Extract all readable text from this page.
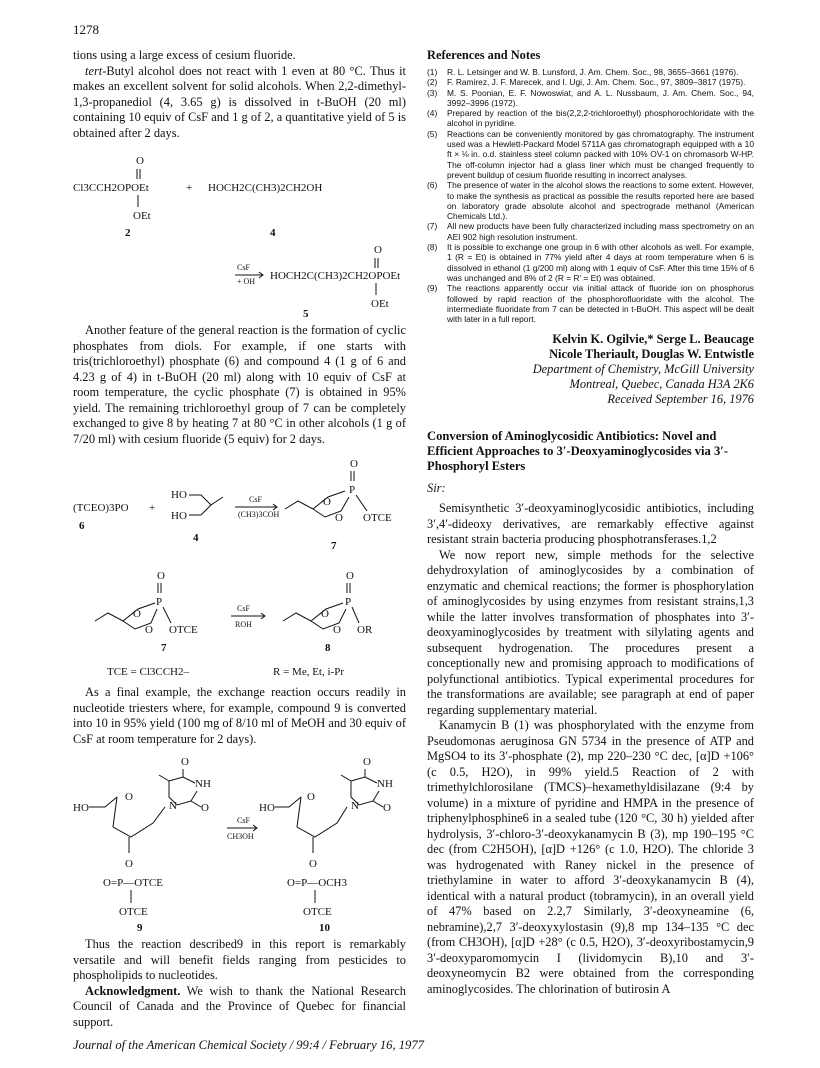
1278

tions using a large excess of cesium fluoride.

tert-Butyl alcohol does not react with 1 even at 80 °C. Thus it makes an excellent solvent for solid alcohols. When 2,2-dimethyl-1,3-propanediol (4, 3.65 g) is dissolved in t-BuOH (20 ml) containing 10 equiv of CsF and 1 g of 2, a quantitative yield of 5 is obtained after 2 days.

O
Cl3CCH2OPOEt	+ HOCH2C(CH3)2CH2OH
OEt
2	4
O
CsF
+ OH HOCH2C(CH3)2CH2OPOEt
OEt
5

Another feature of the general reaction is the formation of cyclic phosphates from diols. For example, if one starts with tris(trichloroethyl) phosphate (6) and compound 4 (1 g of 6 and 4.23 g of 4) in t-BuOH (20 ml) along with 10 equiv of CsF at room temperature, the cyclic phosphate (7) is obtained in 95% yield. The remaining trichloroethyl group of 7 can be completely exchanged to give 8 by heating 7 at 80 °C in other alcohols (1 g of 7/20 ml) with cesium fluoride (5 equiv) for 2 days.

O
P
HO
(TCEO)3PO +
HO
CsF
(CH3)3COH
O
O OTCE
6
4
7
O
P
O
O OTCE
CsF
ROH
O
P
O
O OR
7	8
TCE = Cl3CCH2–	R = Me, Et, i-Pr

As a final example, the exchange reaction occurs readily in nucleotide triesters where, for example, compound 9 is converted into 10 in 95% yield (100 mg of 8/10 ml of MeOH and 30 equiv of CsF at room temperature for 2 days).

O
NH
N O
HO
O
O
O=P—OTCE
OTCE
9
CsF
CH3OH
O
NH
N O
HO
O
O
O=P—OCH3
OTCE
10

Thus the reaction described9 in this report is remarkably versatile and will benefit fields ranging from pesticides to phospholipids to nucleotides.

Acknowledgment. We wish to thank the National Research Council of Canada and the Province of Quebec for financial support.

References and Notes
(1) R. L. Letsinger and W. B. Lunsford, J. Am. Chem. Soc., 98, 3655–3661 (1976).
(2) F. Ramirez, J. F. Marecek, and I. Ugi, J. Am. Chem. Soc., 97, 3809–3817 (1975).
(3) M. S. Poonian, E. F. Nowoswiat, and A. L. Nussbaum, J. Am. Chem. Soc., 94, 3992–3996 (1972).
(4) Prepared by reaction of the bis(2,2,2-trichloroethyl) phosphorochloridate with the alcohol in pyridine.
(5) Reactions can be conveniently monitored by gas chromatography. The instrument used was a Hewlett-Packard Model 5711A gas chromatograph equipped with a 10 ft × ⅛ in. o.d. stainless steel column packed with 10% OV-1 on chromasorb W-HP. The off-column injector had a glass liner which must be changed frequently to prevent buildup of cesium fluoride resulting in incorrect analyses.
(6) The presence of water in the alcohol slows the reactions to some extent. However, to make the synthesis as practical as possible the results reported here are based on laboratory grade absolute alcohol and spectrograde methanol (American Chemicals Ltd.).
(7) All new products have been fully characterized including mass spectrometry on an AEI 902 high resolution instrument.
(8) It is possible to exchange one group in 6 with other alcohols as well. For example, 1 (R = Et) is obtained in 77% yield after 4 days at room temperature when 6 is dissolved in ethanol (1 g/200 ml) along with 1 equiv of CsF. After this time 15% of 6 was unchanged and 8% of 2 (R = R′ = Et) was obtained.
(9) The reactions apparently occur via initial attack of fluoride ion on phosphorus followed by rapid reaction of the phosphorofluoridate with the alcohol. The intermediate fluoridate from 7 can be detected in t-BuOH. This aspect will be dealt with later in a full report.
Kelvin K. Ogilvie,* Serge L. Beaucage
Nicole Theriault, Douglas W. Entwistle
Department of Chemistry, McGill University
Montreal, Quebec, Canada H3A 2K6
Received September 16, 1976
Conversion of Aminoglycosidic Antibiotics: Novel and Efficient Approaches to 3′-Deoxyaminoglycosides via 3′-Phosphoryl Esters
Sir:

Semisynthetic 3′-deoxyaminoglycosidic antibiotics, including 3′,4′-dideoxy derivatives, are remarkably effective against resistant strain bacteria producing phosphotransferases.1,2

We now report new, simple methods for the selective dehydroxylation of aminoglycosides by a combination of enzymatic and chemical reactions; the former is phosphorylation of aminoglycosides by using enzymes from resistant strains,1,3 while the latter involves transformation of phosphates into 3′-deoxyaminoglycosides by treatment with silylating agents and subsequent hydrogenation. The procedures present a conceptionally new and promising approach to modifications of polyfunctional antibiotics. Typical experimental procedures for the transformations are available; see paragraph at end of paper regarding supplementary material.

Kanamycin B (1) was phosphorylated with the enzyme from Pseudomonas aeruginosa GN 5734 in the presence of ATP and MgSO4 to its 3′-phosphate (2), mp 220–230 °C dec, [α]D +106° (c 0.5, H2O), in 99% yield.5 Reaction of 2 with trimethylchlorosilane (TMCS)–hexamethyldisilazane (9:4 by volume) in a mixture of pyridine and HMPA in the presence of triphenylphosphine6 in a sealed tube (120 °C, 30 h) yielded after hydrolysis, 3′-chloro-3′-deoxykanamycin B (3), mp 190–195 °C dec (from C2H5OH), [α]D +126° (c 1.0, H2O). The chloride 3 was hydrogenated with Raney nickel in the presence of triethylamine in water to afford 3′-deoxykanamycin B (4), identical with a natural product (tobramycin), in an overall yield of 47% based on 2.2,7 Similarly, 3′-deoxyneamine (6, nebramine),2,7 3′-deoxyxylostasin (9),8 mp 134–135 °C dec (from CH3OH), [α]D +28° (c 0.5, H2O), 3′-deoxyribostamycin,9 3′-deoxyparomomycin I (lividomycin B),10 and 3′-deoxyneomycin B2 were obtained from the corresponding aminoglycosides. The chlorination of butirosin A

Journal of the American Chemical Society / 99:4 / February 16, 1977
